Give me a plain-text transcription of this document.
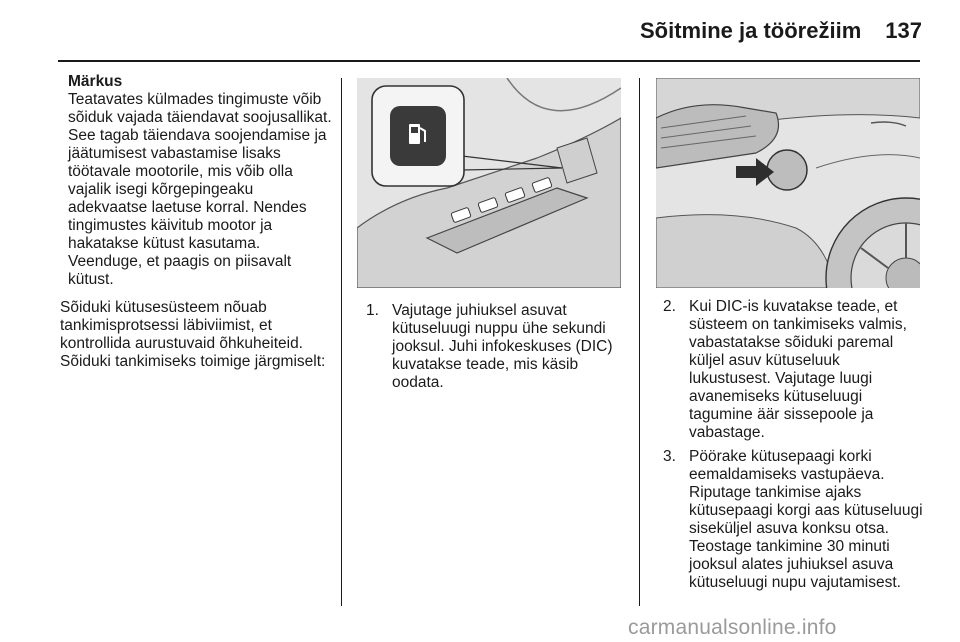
Sõitmine ja töörežiim 137
Märkus

Teatavates külmades tingimuste võib sõiduk vajada täiendavat soojusallikat. See tagab täiendava soojendamise ja jäätumisest vabastamise lisaks töötavale mootorile, mis võib olla vajalik isegi kõrgepingeaku adekvaatse laetuse korral. Nendes tingimustes käivitub mootor ja hakatakse kütust kasutama. Veenduge, et paagis on piisavalt kütust.

Sõiduki kütusesüsteem nõuab tankimisprotsessi läbiviimist, et kontrollida aurustuvaid õhkuheiteid. Sõiduki tankimiseks toimige järgmiselt:
1. Vajutage juhiuksel asuvat kütuseluugi nuppu ühe sekundi jooksul. Juhi infokeskuses (DIC) kuvatakse teade, mis käsib oodata.
2. Kui DIC-is kuvatakse teade, et süsteem on tankimiseks valmis, vabastatakse sõiduki paremal küljel asuv kütuseluuk lukustusest. Vajutage luugi avanemiseks kütuseluugi tagumine äär sissepoole ja vabastage.
3. Pöörake kütusepaagi korki eemaldamiseks vastupäeva. Riputage tankimise ajaks kütusepaagi korgi aas kütuseluugi siseküljel asuva konksu otsa. Teostage tankimine 30 minuti jooksul alates juhiuksel asuva kütuseluugi nupu vajutamisest.
carmanualsonline.info
